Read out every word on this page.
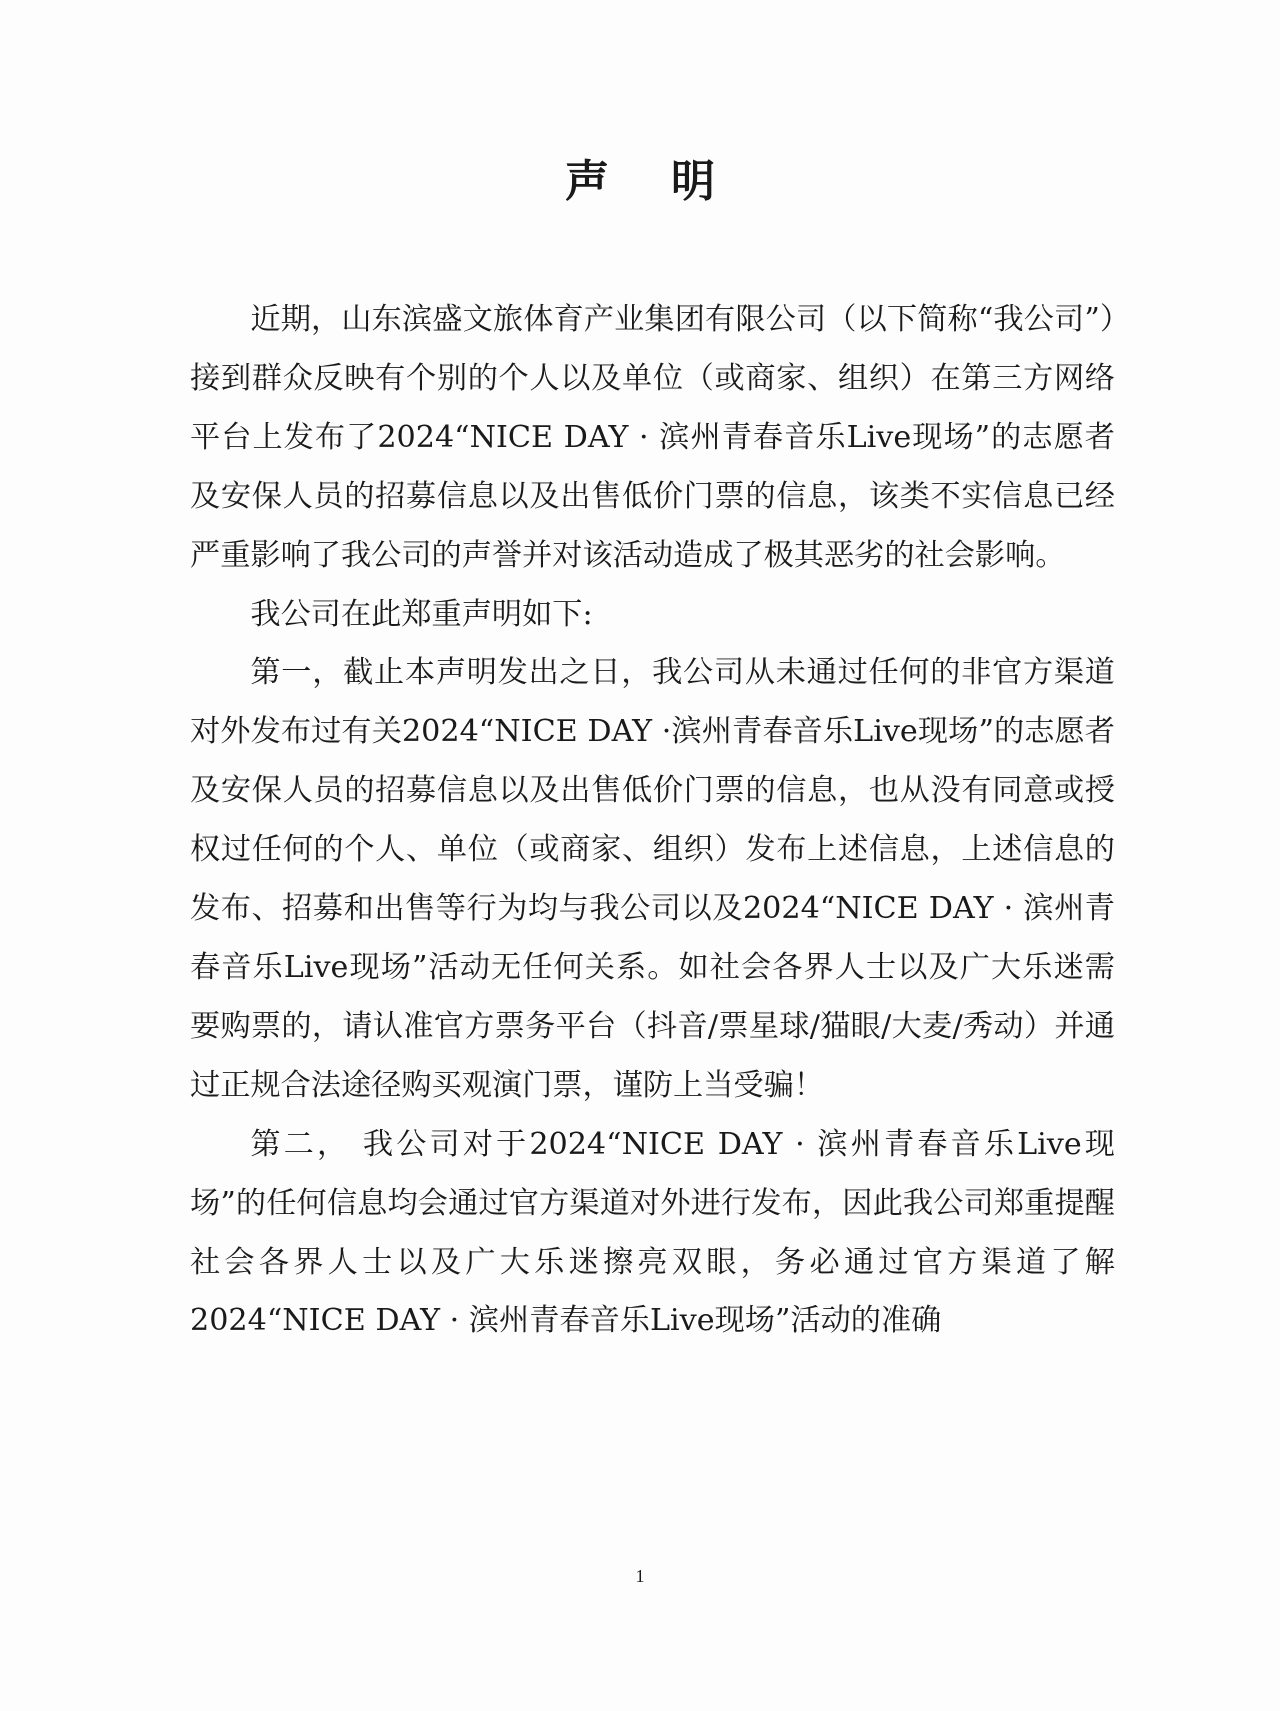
声明

近期，山东滨盛文旅体育产业集团有限公司（以下简称“我公司”）接到群众反映有个别的个人以及单位（或商家、组织）在第三方网络平台上发布了2024“NICE DAY · 滨州青春音乐Live现场”的志愿者及安保人员的招募信息以及出售低价门票的信息，该类不实信息已经严重影响了我公司的声誉并对该活动造成了极其恶劣的社会影响。

我公司在此郑重声明如下:

第一，截止本声明发出之日，我公司从未通过任何的非官方渠道对外发布过有关2024“NICE DAY ·滨州青春音乐Live现场”的志愿者及安保人员的招募信息以及出售低价门票的信息，也从没有同意或授权过任何的个人、单位（或商家、组织）发布上述信息，上述信息的发布、招募和出售等行为均与我公司以及2024“NICE DAY · 滨州青春音乐Live现场”活动无任何关系。如社会各界人士以及广大乐迷需要购票的，请认准官方票务平台（抖音/票星球/猫眼/大麦/秀动）并通过正规合法途径购买观演门票，谨防上当受骗！

第二， 我公司对于2024“NICE DAY · 滨州青春音乐Live现场”的任何信息均会通过官方渠道对外进行发布，因此我公司郑重提醒社会各界人士以及广大乐迷擦亮双眼，务必通过官方渠道了解2024“NICE DAY · 滨州青春音乐Live现场”活动的准确

1
